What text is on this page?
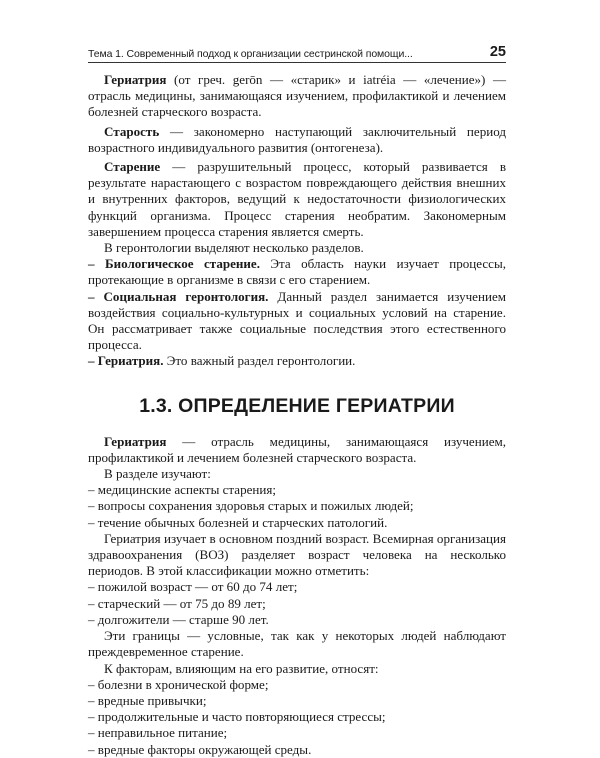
Тема 1. Современный подход к организации сестринской помощи...	25

Гериатрия (от греч. gerōn — «старик» и iatréia — «лечение») — отрасль медицины, занимающаяся изучением, профилактикой и лечением болезней старческого возраста.

Старость — закономерно наступающий заключительный период возрастного индивидуального развития (онтогенеза).

Старение — разрушительный процесс, который развивается в результате нарастающего с возрастом повреждающего действия внешних и внутренних факторов, ведущий к недостаточности физиологических функций организма. Процесс старения необратим. Закономерным завершением процесса старения является смерть.

В геронтологии выделяют несколько разделов.

– Биологическое старение. Эта область науки изучает процессы, протекающие в организме в связи с его старением.

– Социальная геронтология. Данный раздел занимается изучением воздействия социально-культурных и социальных условий на старение. Он рассматривает также социальные последствия этого естественного процесса.

– Гериатрия. Это важный раздел геронтологии.

1.3. ОПРЕДЕЛЕНИЕ ГЕРИАТРИИ

Гериатрия — отрасль медицины, занимающаяся изучением, профилактикой и лечением болезней старческого возраста.

В разделе изучают:

– медицинские аспекты старения;

– вопросы сохранения здоровья старых и пожилых людей;

– течение обычных болезней и старческих патологий.

Гериатрия изучает в основном поздний возраст. Всемирная организация здравоохранения (ВОЗ) разделяет возраст человека на несколько периодов. В этой классификации можно отметить:

– пожилой возраст — от 60 до 74 лет;

– старческий — от 75 до 89 лет;

– долгожители — старше 90 лет.

Эти границы — условные, так как у некоторых людей наблюдают преждевременное старение.

К факторам, влияющим на его развитие, относят:

– болезни в хронической форме;

– вредные привычки;

– продолжительные и часто повторяющиеся стрессы;

– неправильное питание;

– вредные факторы окружающей среды.
